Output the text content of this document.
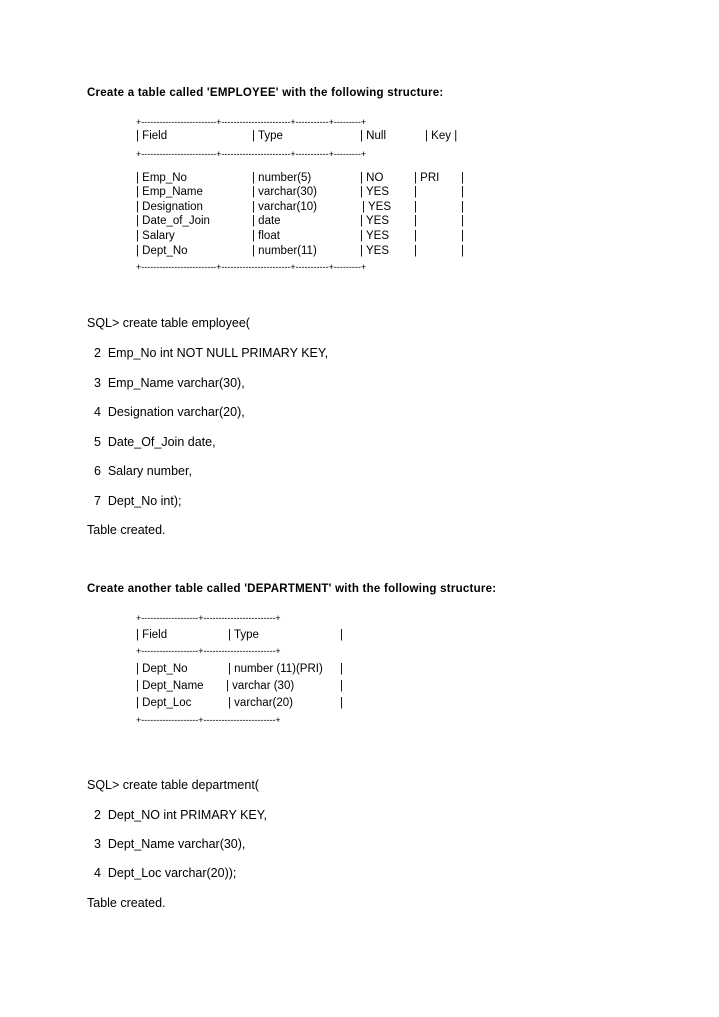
Create a table called 'EMPLOYEE' with the following structure:
+-------------------------+-----------------------+-----------+---------+
| Field	| Type	| Null	| Key |
+-------------------------+-----------------------+-----------+---------+
| Emp_No	| number(5)	| NO	| PRI |
| Emp_Name	| varchar(30)	| YES |	|
| Designation	| varchar(10)	| YES |	|
| Date_of_Join	| date	| YES |	|
| Salary	| float	| YES |	|
| Dept_No	| number(11)	| YES |	|
+-------------------------+-----------------------+-----------+---------+
SQL> create table employee(
2  Emp_No int NOT NULL PRIMARY KEY,
3  Emp_Name varchar(30),
4  Designation varchar(20),
5  Date_Of_Join date,
6  Salary number,
7  Dept_No int);
Table created.
Create another table called 'DEPARTMENT' with the following structure:
+-------------------+------------------------+
| Field	| Type	|
+-------------------+------------------------+
| Dept_No	| number (11)(PRI) |
| Dept_Name | varchar (30)	|
| Dept_Loc	| varchar(20)	|
+-------------------+------------------------+
SQL> create table department(
2  Dept_NO int PRIMARY KEY,
3  Dept_Name varchar(30),
4  Dept_Loc varchar(20));
Table created.
